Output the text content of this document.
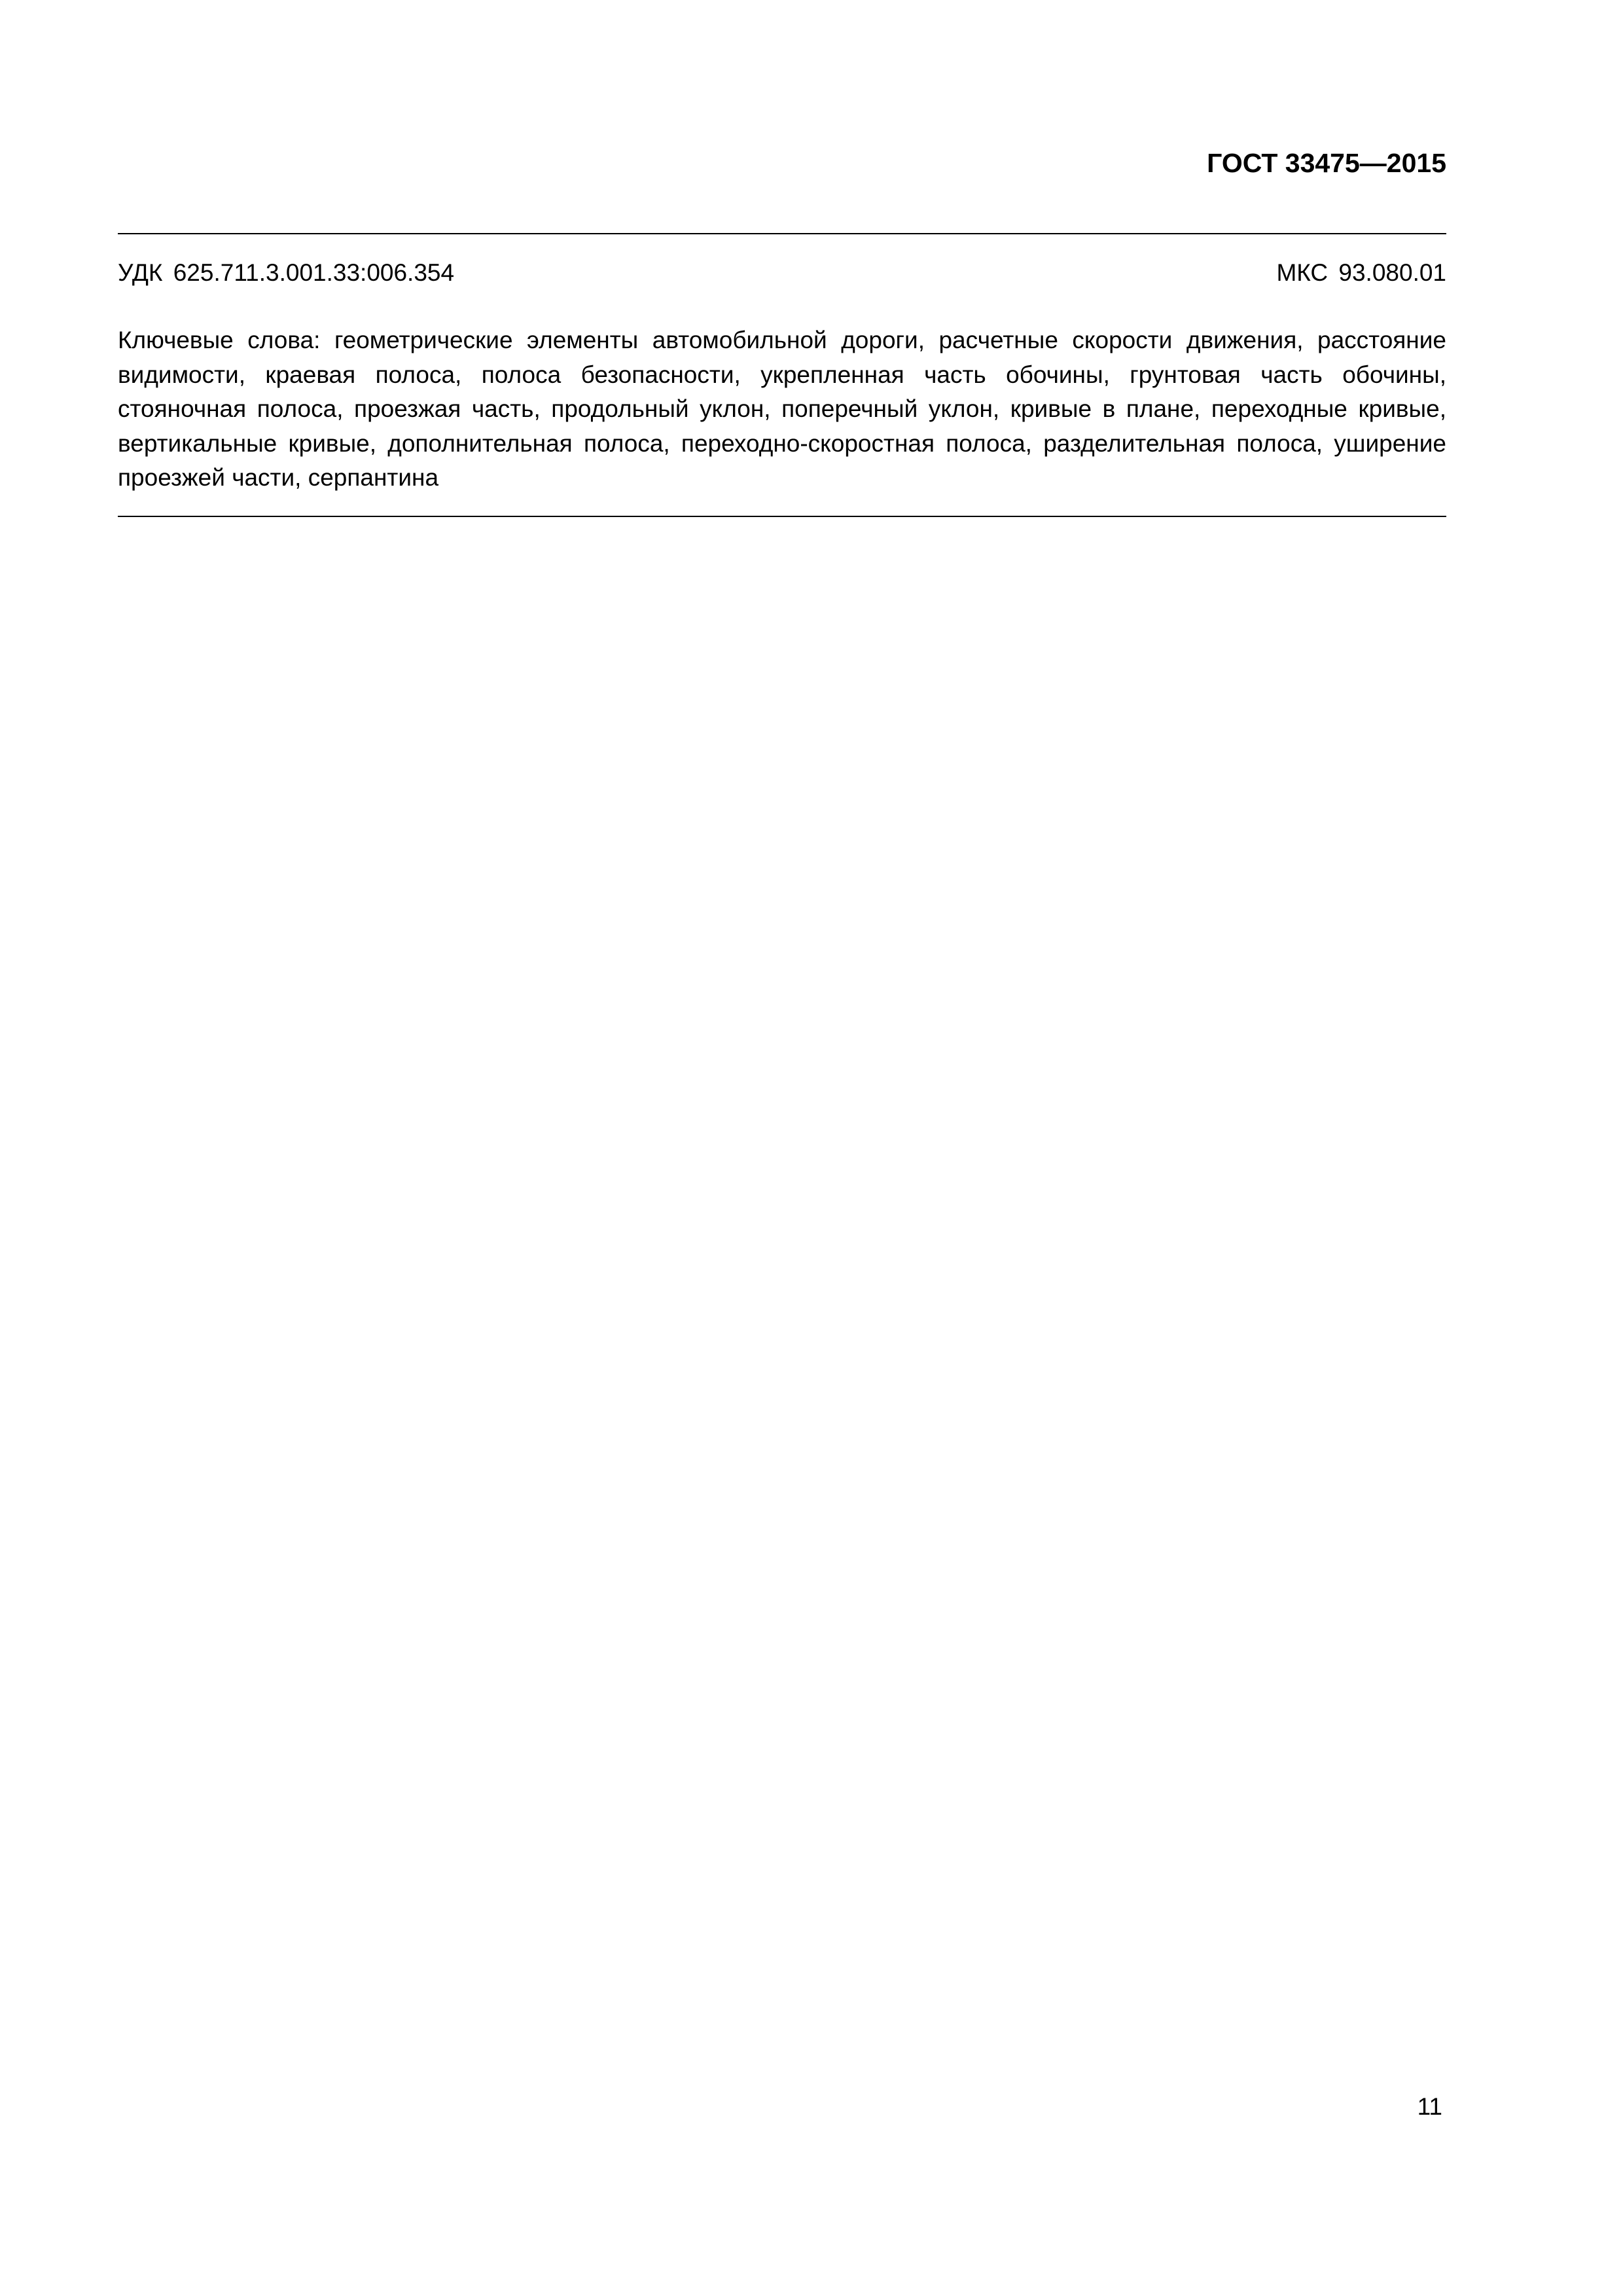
ГОСТ 33475—2015
УДК 625.711.3.001.33:006.354	МКС 93.080.01

Ключевые слова: геометрические элементы автомобильной дороги, расчетные скорости движения, расстояние видимости, краевая полоса, полоса безопасности, укрепленная часть обочины, грунтовая часть обочины, стояночная полоса, проезжая часть, продольный уклон, поперечный уклон, кривые в плане, переходные кривые, вертикальные кривые, дополнительная полоса, переходно-скоростная полоса, разделительная полоса, уширение проезжей части, серпантина

11
